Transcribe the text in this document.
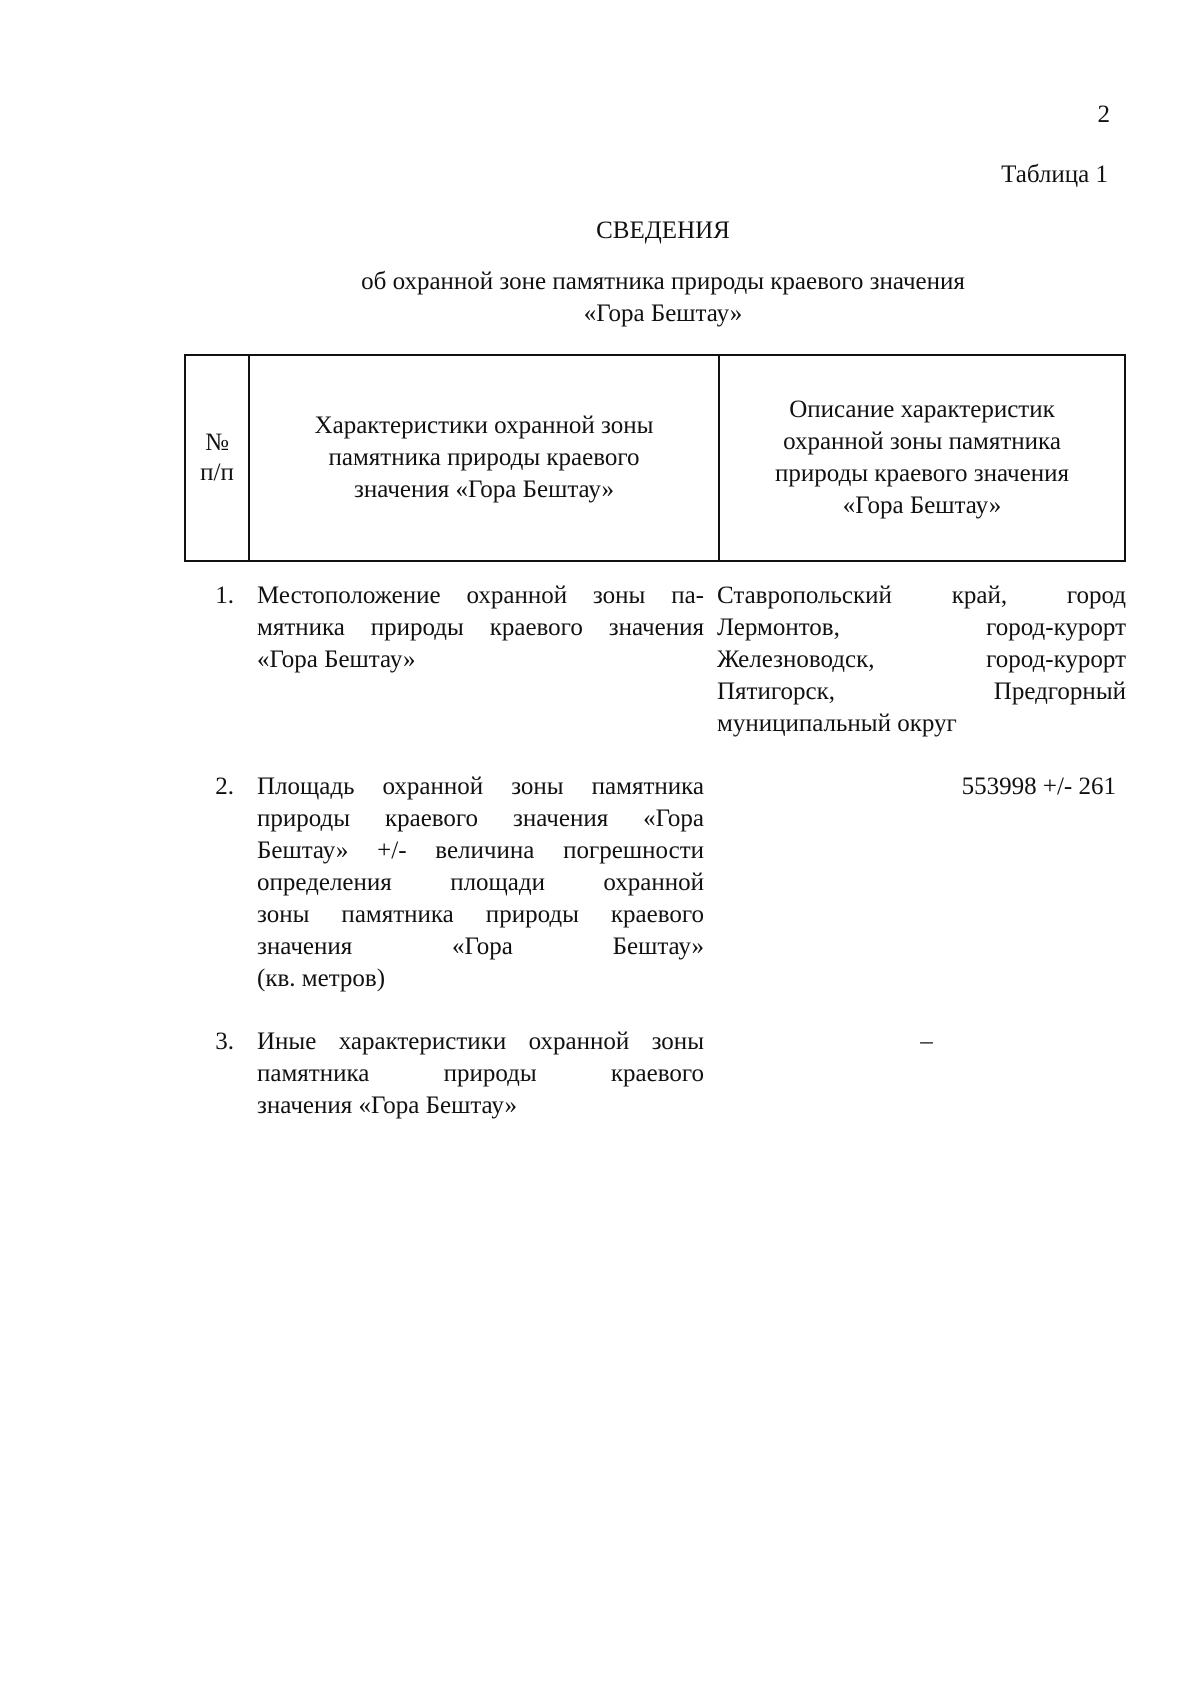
2
Таблица 1
СВЕДЕНИЯ
об охранной зоне памятника природы краевого значения
«Гора Бештау»
№
п/п
Характеристики охранной зоны
памятника природы краевого
значения «Гора Бештау»
Описание характеристик
охранной зоны памятника
природы краевого значения
«Гора Бештау»
1. Местоположение охранной зоны па-
мятника природы краевого значения
«Гора Бештау»
Ставропольский край, город
Лермонтов, город-курорт
Железноводск, город-курорт
Пятигорск, Предгорный
муниципальный округ
2. Площадь охранной зоны памятника
природы краевого значения «Гора
Бештау» +/- величина погрешности
определения площади охранной
зоны памятника природы краевого
значения «Гора Бештау»
(кв. метров)
553998 +/- 261
3. Иные характеристики охранной зоны
памятника природы краевого
значения «Гора Бештау»
–
